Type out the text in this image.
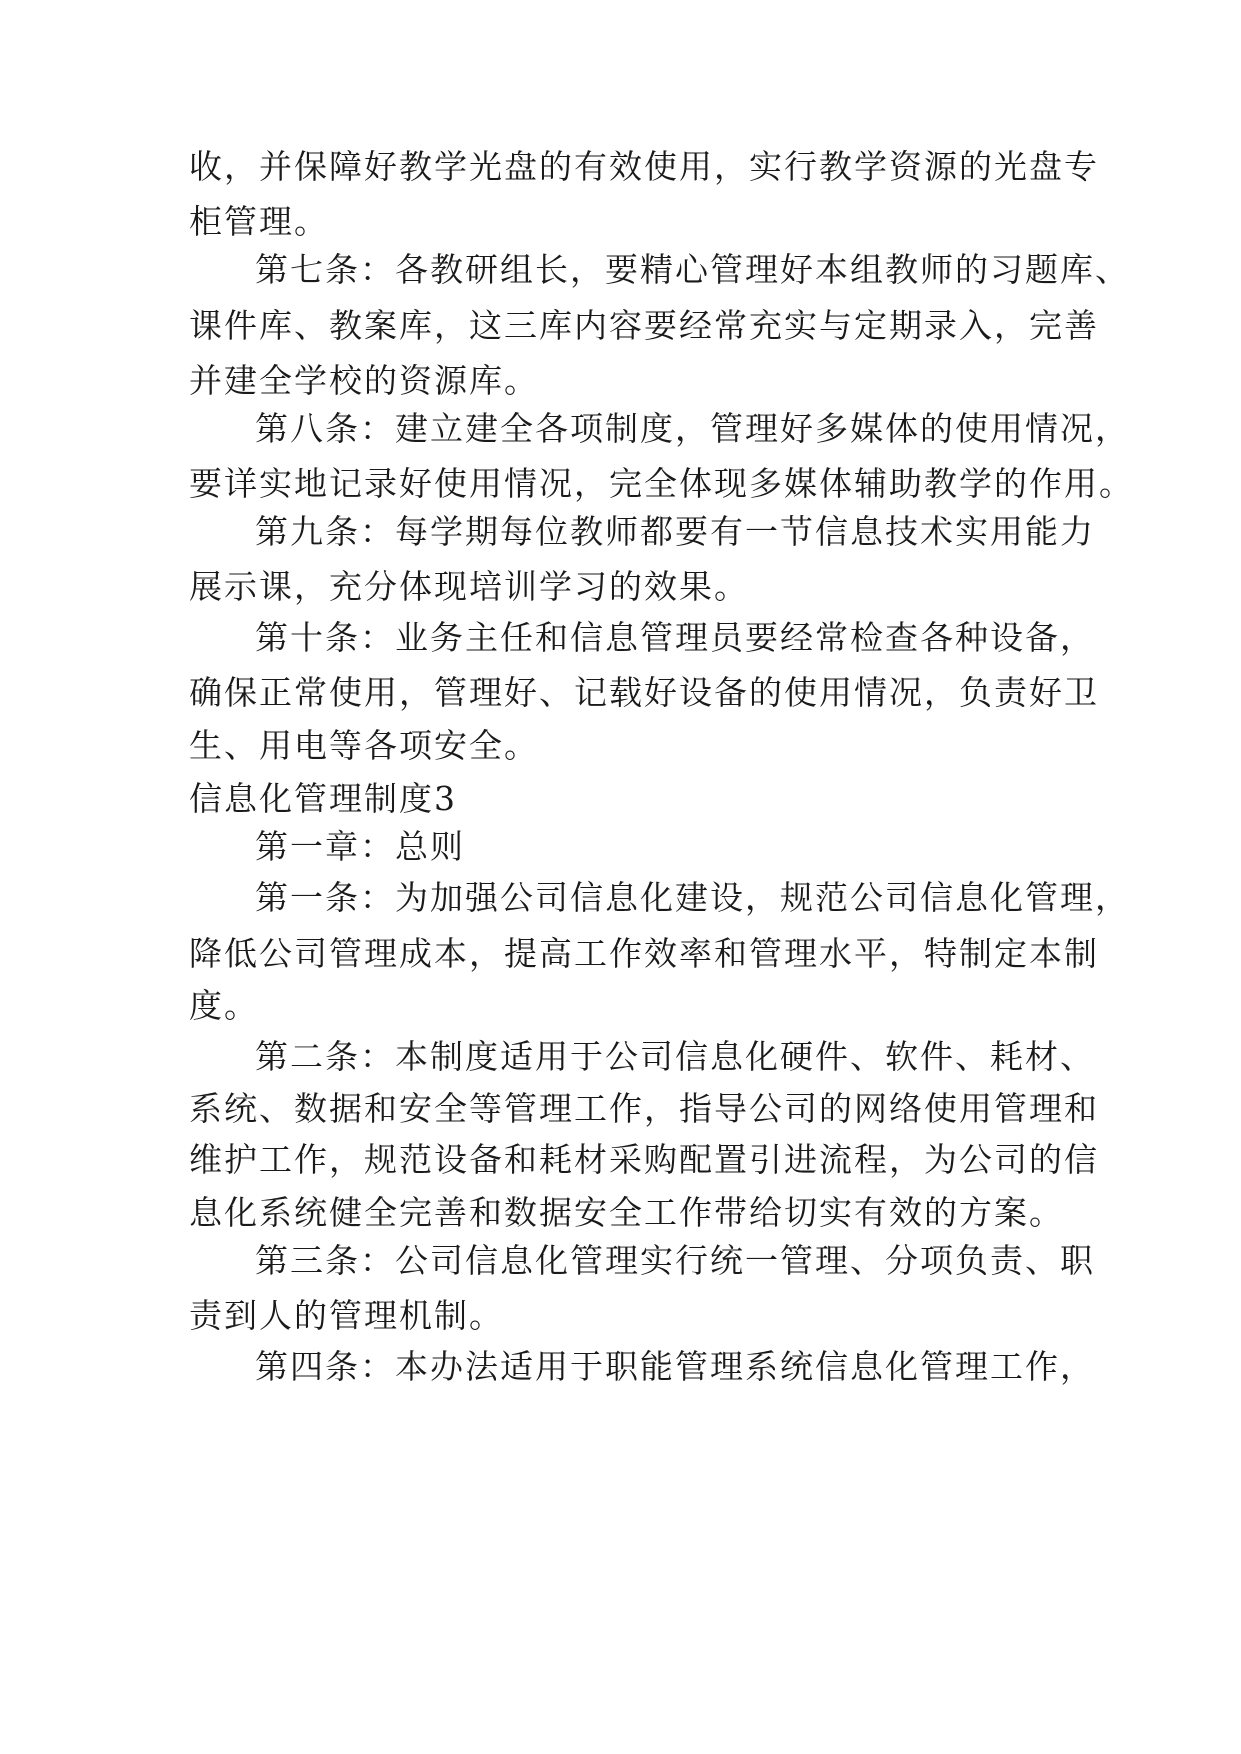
收，并保障好教学光盘的有效使用，实行教学资源的光盘专
柜管理。
第七条：各教研组长，要精心管理好本组教师的习题库、
课件库、教案库，这三库内容要经常充实与定期录入，完善
并建全学校的资源库。
第八条：建立建全各项制度，管理好多媒体的使用情况，
要详实地记录好使用情况，完全体现多媒体辅助教学的作用。
第九条：每学期每位教师都要有一节信息技术实用能力
展示课，充分体现培训学习的效果。
第十条：业务主任和信息管理员要经常检查各种设备，
确保正常使用，管理好、记载好设备的使用情况，负责好卫
生、用电等各项安全。
信息化管理制度3
第一章：总则
第一条：为加强公司信息化建设，规范公司信息化管理，
降低公司管理成本，提高工作效率和管理水平，特制定本制
度。
第二条：本制度适用于公司信息化硬件、软件、耗材、
系统、数据和安全等管理工作，指导公司的网络使用管理和
维护工作，规范设备和耗材采购配置引进流程，为公司的信
息化系统健全完善和数据安全工作带给切实有效的方案。
第三条：公司信息化管理实行统一管理、分项负责、职
责到人的管理机制。
第四条：本办法适用于职能管理系统信息化管理工作，
